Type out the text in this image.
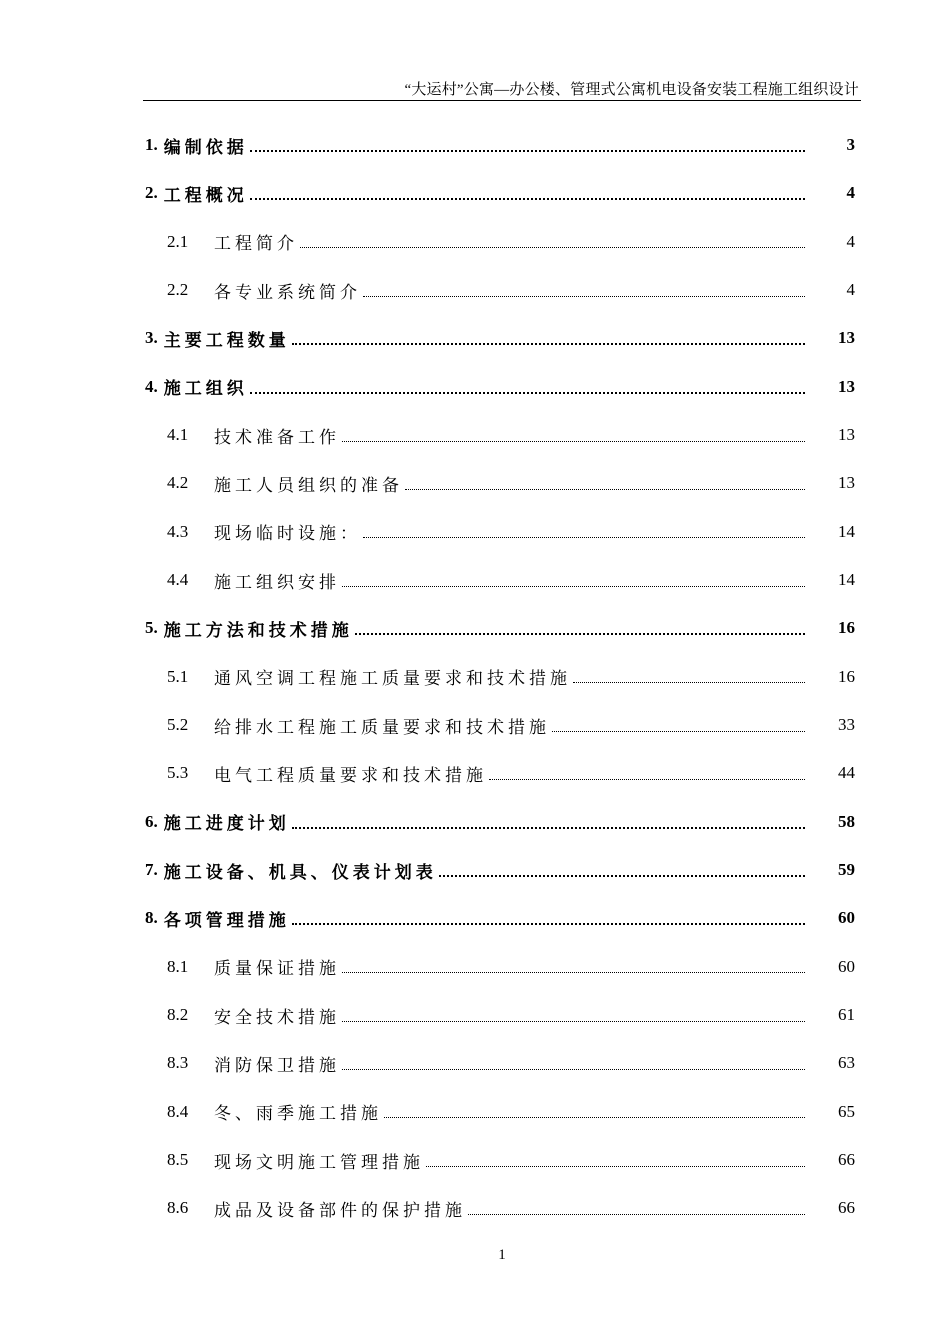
“大运村”公寓—办公楼、管理式公寓机电设备安装工程施工组织设计
1. 编制依据	3
2. 工程概况	4
2.1	工程简介	4
2.2	各专业系统简介	4
3. 主要工程数量	13
4. 施工组织	13
4.1	技术准备工作	13
4.2	施工人员组织的准备	13
4.3	现场临时设施：	14
4.4	施工组织安排	14
5. 施工方法和技术措施	16
5.1	通风空调工程施工质量要求和技术措施	16
5.2	给排水工程施工质量要求和技术措施	33
5.3	电气工程质量要求和技术措施	44
6. 施工进度计划	58
7. 施工设备、机具、仪表计划表	59
8. 各项管理措施	60
8.1	质量保证措施	60
8.2	安全技术措施	61
8.3	消防保卫措施	63
8.4	冬、雨季施工措施	65
8.5	现场文明施工管理措施	66
8.6	成品及设备部件的保护措施	66
1
